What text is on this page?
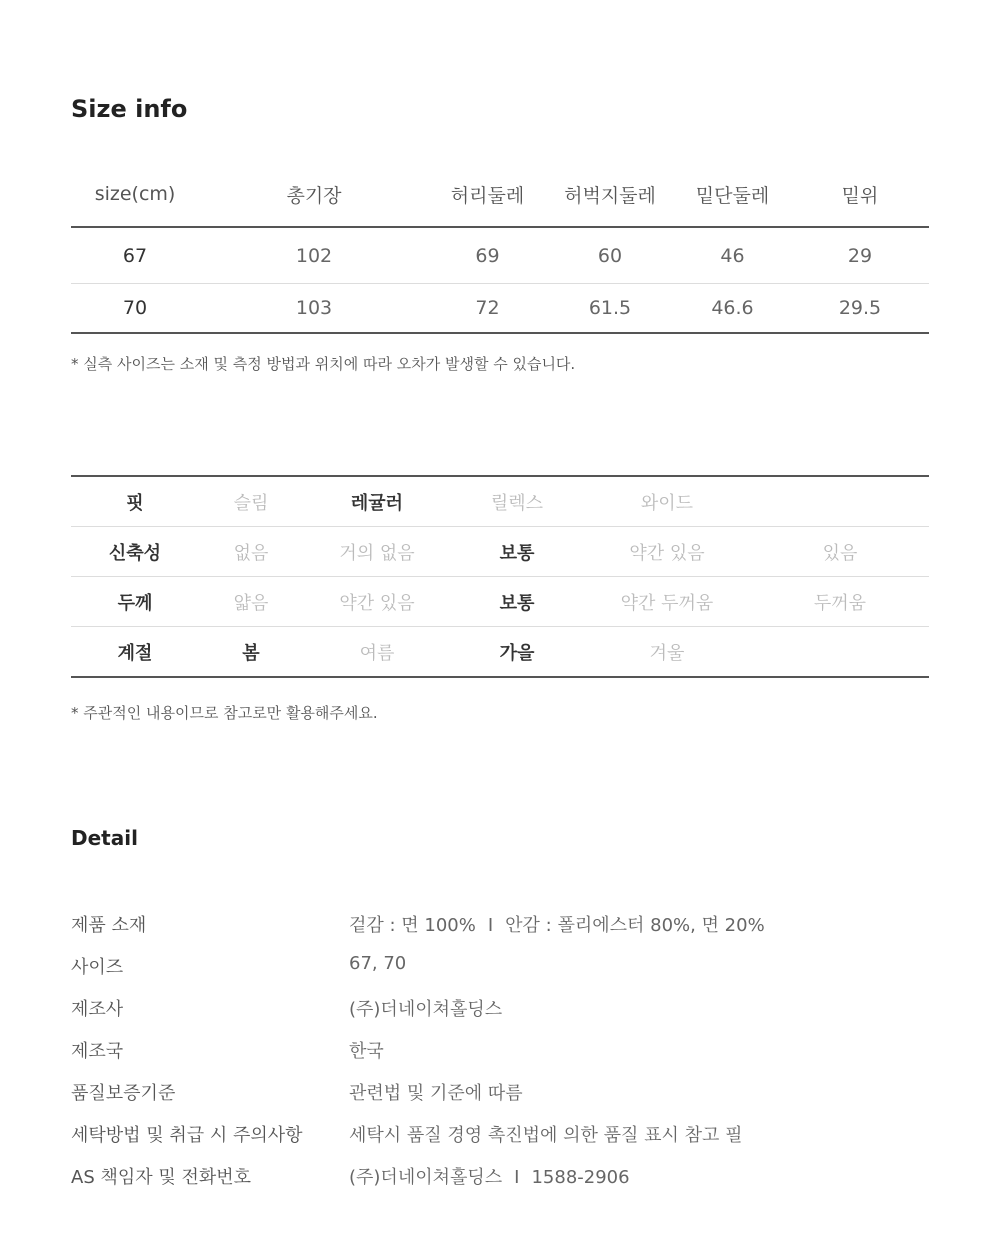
Size info
size(cm)	총기장	허리둘레	허벅지둘레	밑단둘레	밑위
67	102	69	60	46	29
70	103	72	61.5	46.6	29.5

* 실측 사이즈는 소재 및 측정 방법과 위치에 따라 오차가 발생할 수 있습니다.

핏	슬림	레귤러	릴렉스	와이드	
신축성	없음	거의 없음	보통	약간 있음	있음
두께	얇음	약간 있음	보통	약간 두꺼움	두꺼움
계절	봄	여름	가을	겨울	

* 주관적인 내용이므로 참고로만 활용해주세요.

Detail
제품 소재	겉감 : 면 100% I 안감 : 폴리에스터 80%, 면 20%
사이즈	67, 70
제조사	(주)더네이쳐홀딩스
제조국	한국
품질보증기준	관련법 및 기준에 따름
세탁방법 및 취급 시 주의사항	세탁시 품질 경영 촉진법에 의한 품질 표시 참고 필
AS 책임자 및 전화번호	(주)더네이쳐홀딩스 I 1588-2906
